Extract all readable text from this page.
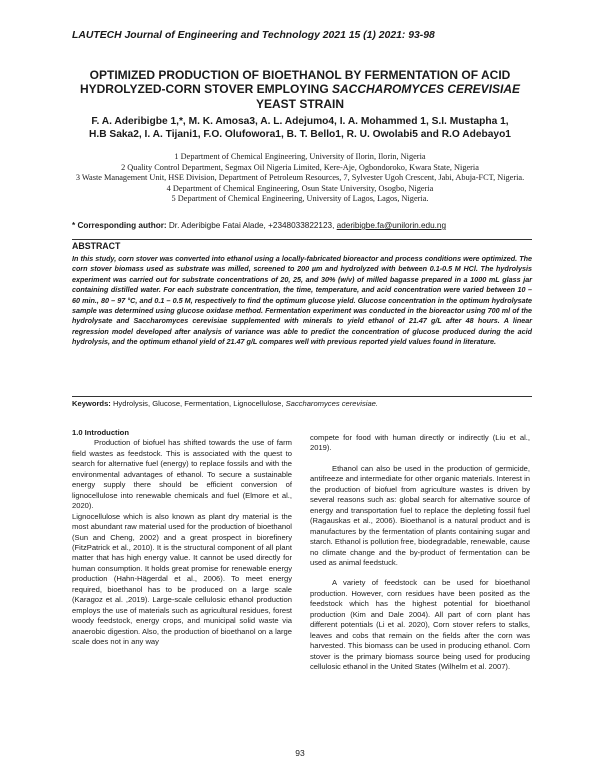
LAUTECH Journal of Engineering and Technology 2021 15 (1) 2021: 93-98
OPTIMIZED PRODUCTION OF BIOETHANOL BY FERMENTATION OF ACID HYDROLYZED-CORN STOVER EMPLOYING SACCHAROMYCES CEREVISIAE YEAST STRAIN
F. A. Aderibigbe 1,*, M. K. Amosa3, A. L. Adejumo4, I. A. Mohammed 1, S.I. Mustapha 1,
H.B Saka2, I. A. Tijani1, F.O. Olufowora1, B. T. Bello1, R. U. Owolabi5 and R.O Adebayo1
1 Department of Chemical Engineering, University of Ilorin, Ilorin, Nigeria
2 Quality Control Department, Segmax Oil Nigeria Limited, Kere-Aje, Ogbondoroko, Kwara State, Nigeria
3 Waste Management Unit, HSE Division, Department of Petroleum Resources, 7, Sylvester Ugoh Crescent, Jabi, Abuja-FCT, Nigeria.
4 Department of Chemical Engineering, Osun State University, Osogbo, Nigeria
5 Department of Chemical Engineering, University of Lagos, Lagos, Nigeria.
* Corresponding author: Dr. Aderibigbe Fatai Alade, +2348033822123, aderibigbe.fa@unilorin.edu.ng
ABSTRACT
In this study, corn stover was converted into ethanol using a locally-fabricated bioreactor and process conditions were optimized. The corn stover biomass used as substrate was milled, screened to 200 µm and hydrolyzed with between 0.1-0.5 M HCl. The hydrolysis experiment was carried out for substrate concentrations of 20, 25, and 30% (w/v) of milled bagasse prepared in a 1000 mL glass jar containing distilled water. For each substrate concentration, the time, temperature, and acid concentration were varied between 10 – 60 min., 80 – 97 °C, and 0.1 – 0.5 M, respectively to find the optimum glucose yield. Glucose concentration in the optimum hydrolysate sample was determined using glucose oxidase method. Fermentation experiment was conducted in the bioreactor using 700 ml of the hydrolysate and Saccharomyces cerevisiae supplemented with minerals to yield ethanol of 21.47 g/L after 48 hours. A linear regression model developed after analysis of variance was able to predict the concentration of glucose produced during the acid hydrolysis, and the optimum ethanol yield of 21.47 g/L compares well with previous reported yield values found in literature.
Keywords: Hydrolysis, Glucose, Fermentation, Lignocellulose, Saccharomyces cerevisiae.

1.0 Introduction

Production of biofuel has shifted towards the use of farm field wastes as feedstock. This is associated with the quest to search for alternative fuel (energy) to replace fossils and with the environmental advantages of ethanol. To secure a sustainable energy supply there should be efficient conversion of lignocellulose into renewable chemicals and fuel (Elmore et al., 2020).

Lignocellulose which is also known as plant dry material is the most abundant raw material used for the production of bioethanol (Sun and Cheng, 2002) and a great prospect in biorefinery (FitzPatrick et al., 2010). It is the structural component of all plant matter that has high energy value. It cannot be used directly for human consumption. It holds great promise for renewable energy production (Hahn-Hägerdal et al., 2006). To meet energy required, bioethanol has to be produced on a large scale (Karagoz et al. ,2019). Large-scale cellulosic ethanol production employs the use of materials such as agricultural residues, forest woody feedstock, energy crops, and municipal solid waste via anaerobic digestion. Also, the production of bioethanol on a large scale does not in any way

compete for food with human directly or indirectly (Liu et al., 2019).

Ethanol can also be used in the production of germicide, antifreeze and intermediate for other organic materials. Interest in the production of biofuel from agriculture wastes is driven by several reasons such as: global search for alternative source of energy and transportation fuel to replace the depleting fossil fuel (Ragauskas et al., 2006). Bioethanol is a natural product and is manufactures by the fermentation of plants containing sugar and starch. Ethanol is pollution free, biodegradable, renewable, cause no climate change and the by-product of fermentation can be used as animal feedstuck.

A variety of feedstock can be used for bioethanol production. However, corn residues have been posited as the feedstock which has the highest potential for bioethanol production (Kim and Dale 2004). All part of corn plant has different potentials (Li et al. 2020), Corn stover refers to stalks, leaves and cobs that remain on the fields after the corn was harvested. This biomass can be used in producing ethanol. Corn stover is the primary biomass source being used for producing cellulosic ethanol in the United States (Wilhelm et al. 2007).

93
